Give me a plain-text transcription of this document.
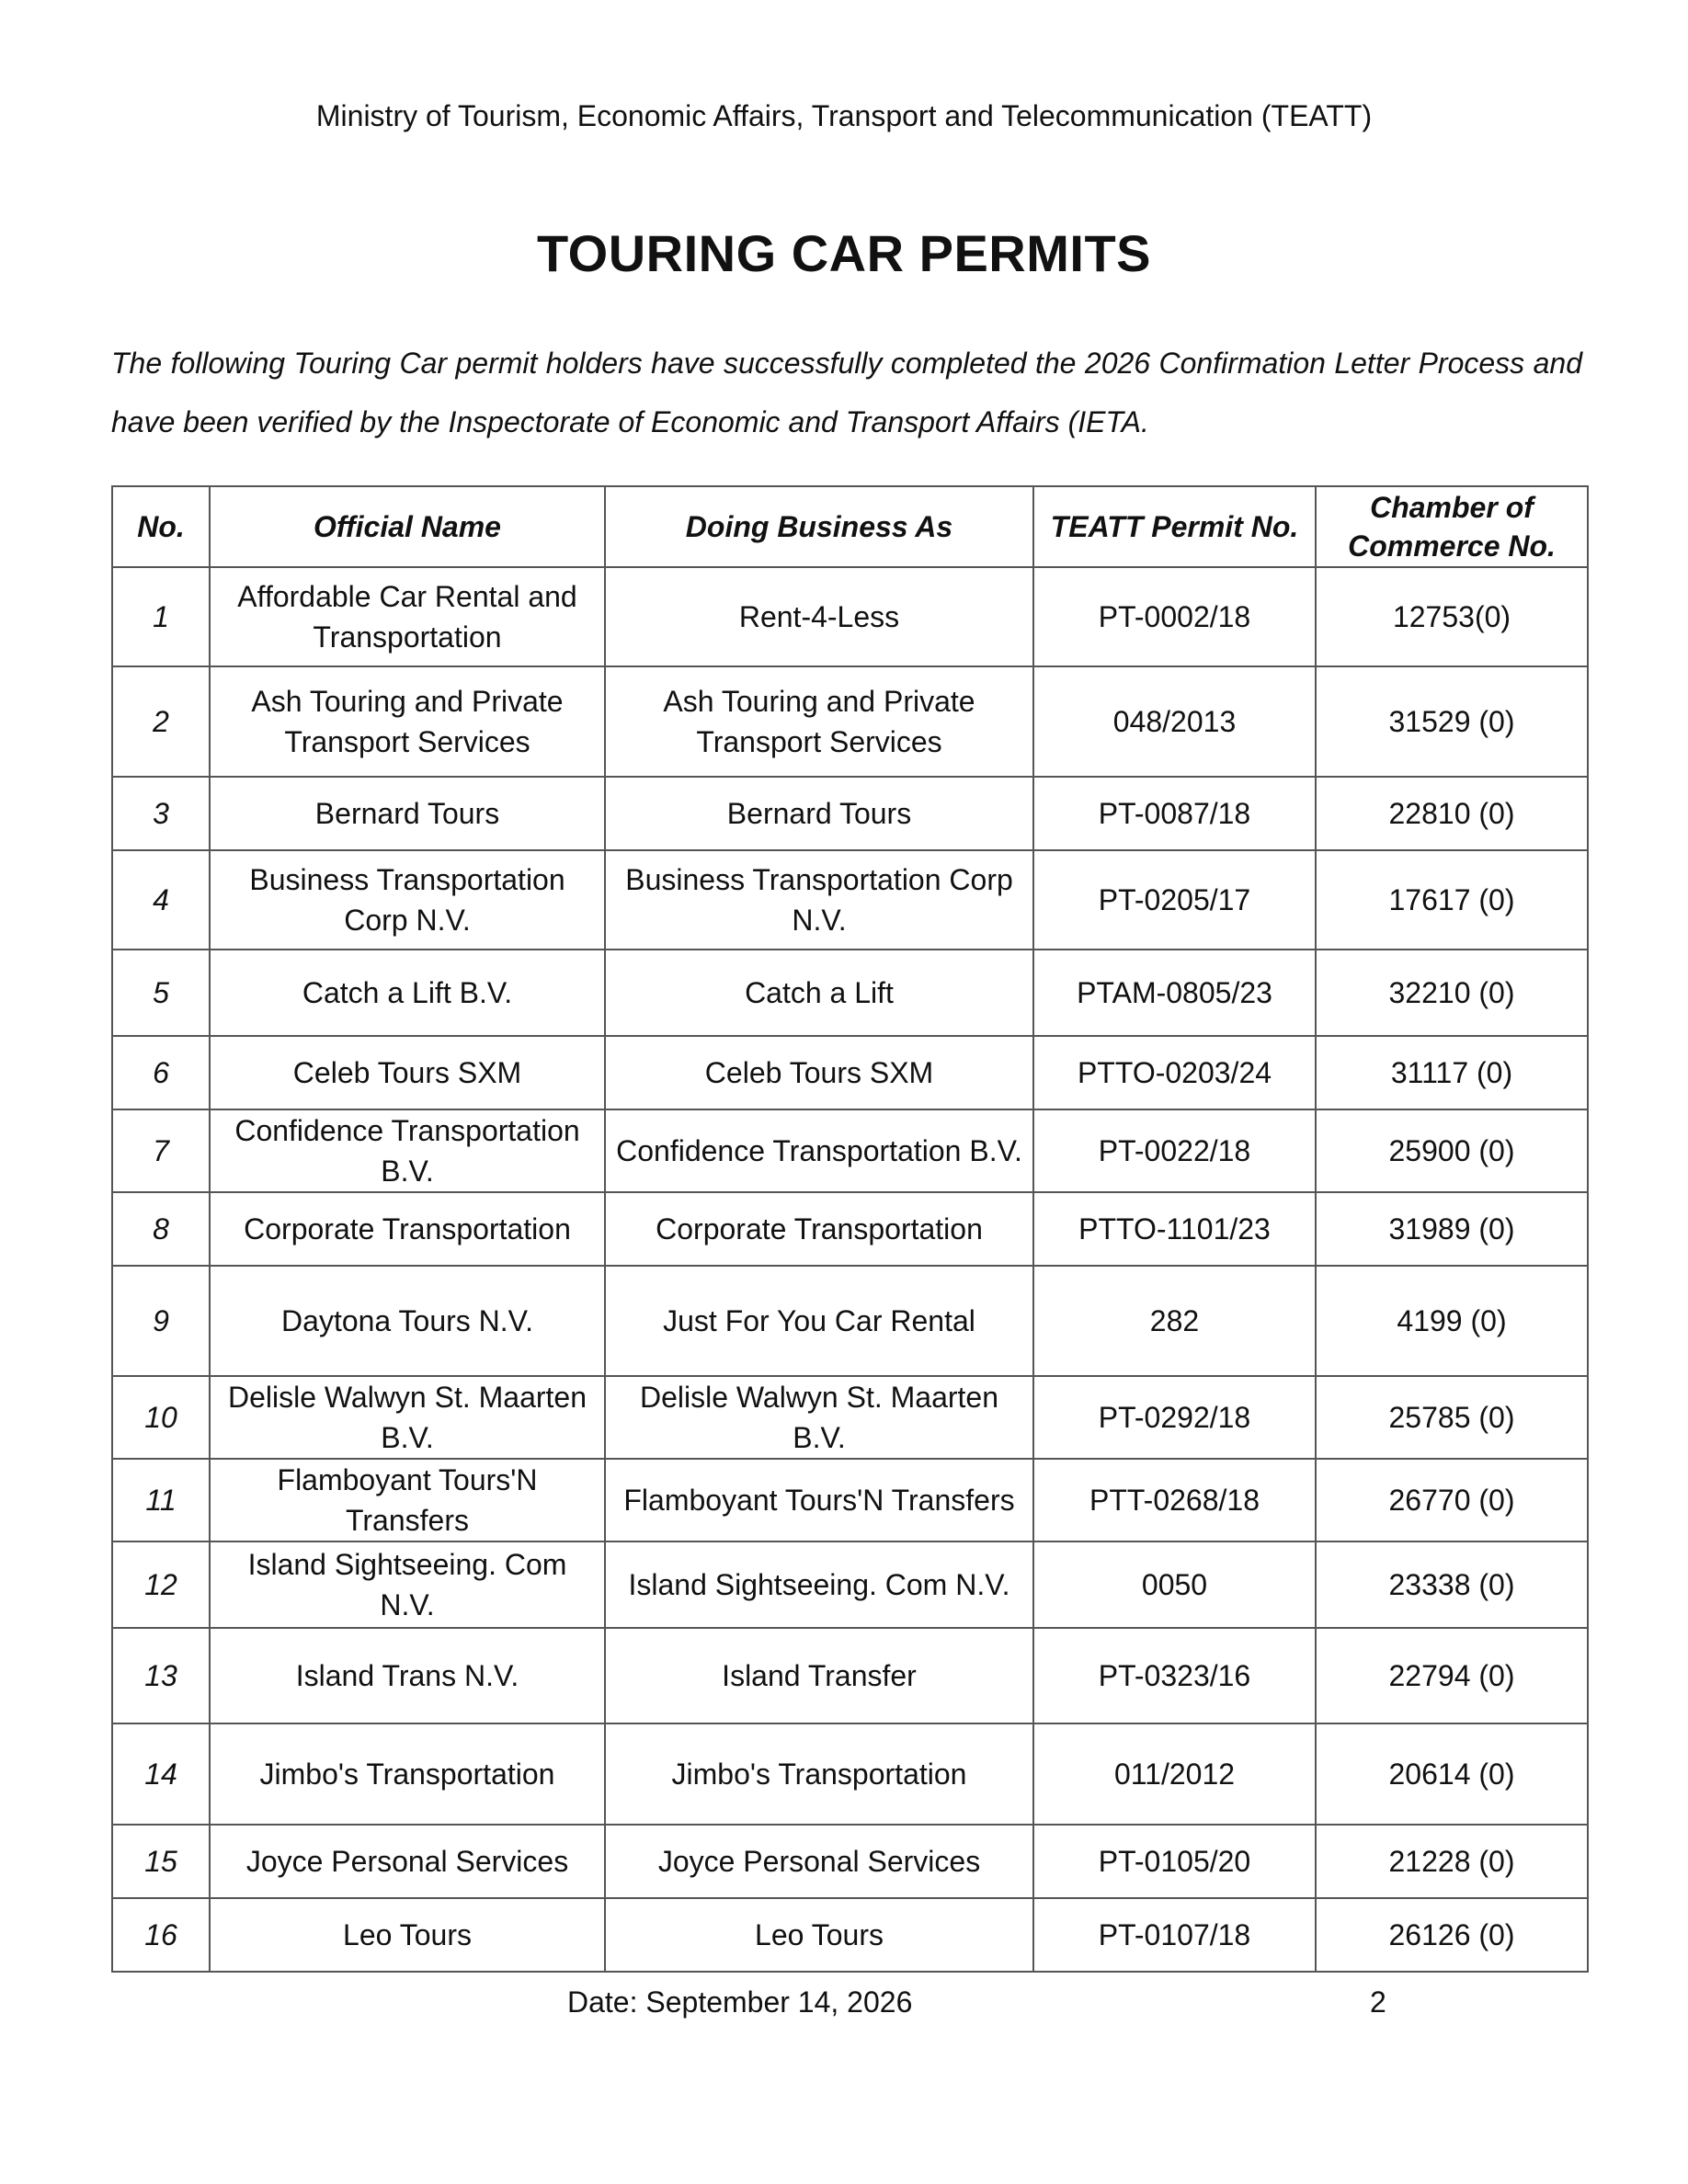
Ministry of Tourism, Economic Affairs, Transport and Telecommunication (TEATT)
TOURING CAR PERMITS
The following Touring Car permit holders have successfully completed the 2026 Confirmation Letter Process and have been verified by the Inspectorate of Economic and Transport Affairs (IETA.
No.	Official Name	Doing Business As	TEATT Permit No.	Chamber of Commerce No.
1	Affordable Car Rental and Transportation	Rent-4-Less	PT-0002/18	12753(0)
2	Ash Touring and Private Transport Services	Ash Touring and Private Transport Services	048/2013	31529 (0)
3	Bernard Tours	Bernard Tours	PT-0087/18	22810 (0)
4	Business Transportation Corp N.V.	Business Transportation Corp N.V.	PT-0205/17	17617 (0)
5	Catch a Lift B.V.	Catch a Lift	PTAM-0805/23	32210 (0)
6	Celeb Tours SXM	Celeb Tours SXM	PTTO-0203/24	31117 (0)
7	Confidence Transportation B.V.	Confidence Transportation B.V.	PT-0022/18	25900 (0)
8	Corporate Transportation	Corporate Transportation	PTTO-1101/23	31989 (0)
9	Daytona Tours N.V.	Just For You Car Rental	282	4199 (0)
10	Delisle Walwyn St. Maarten B.V.	Delisle Walwyn St. Maarten B.V.	PT-0292/18	25785 (0)
11	Flamboyant Tours'N Transfers	Flamboyant Tours'N Transfers	PTT-0268/18	26770 (0)
12	Island Sightseeing. Com N.V.	Island Sightseeing. Com N.V.	0050	23338 (0)
13	Island Trans N.V.	Island Transfer	PT-0323/16	22794 (0)
14	Jimbo's Transportation	Jimbo's Transportation	011/2012	20614 (0)
15	Joyce Personal Services	Joyce Personal Services	PT-0105/20	21228 (0)
16	Leo Tours	Leo Tours	PT-0107/18	26126 (0)
Date: September 14, 2026	2
